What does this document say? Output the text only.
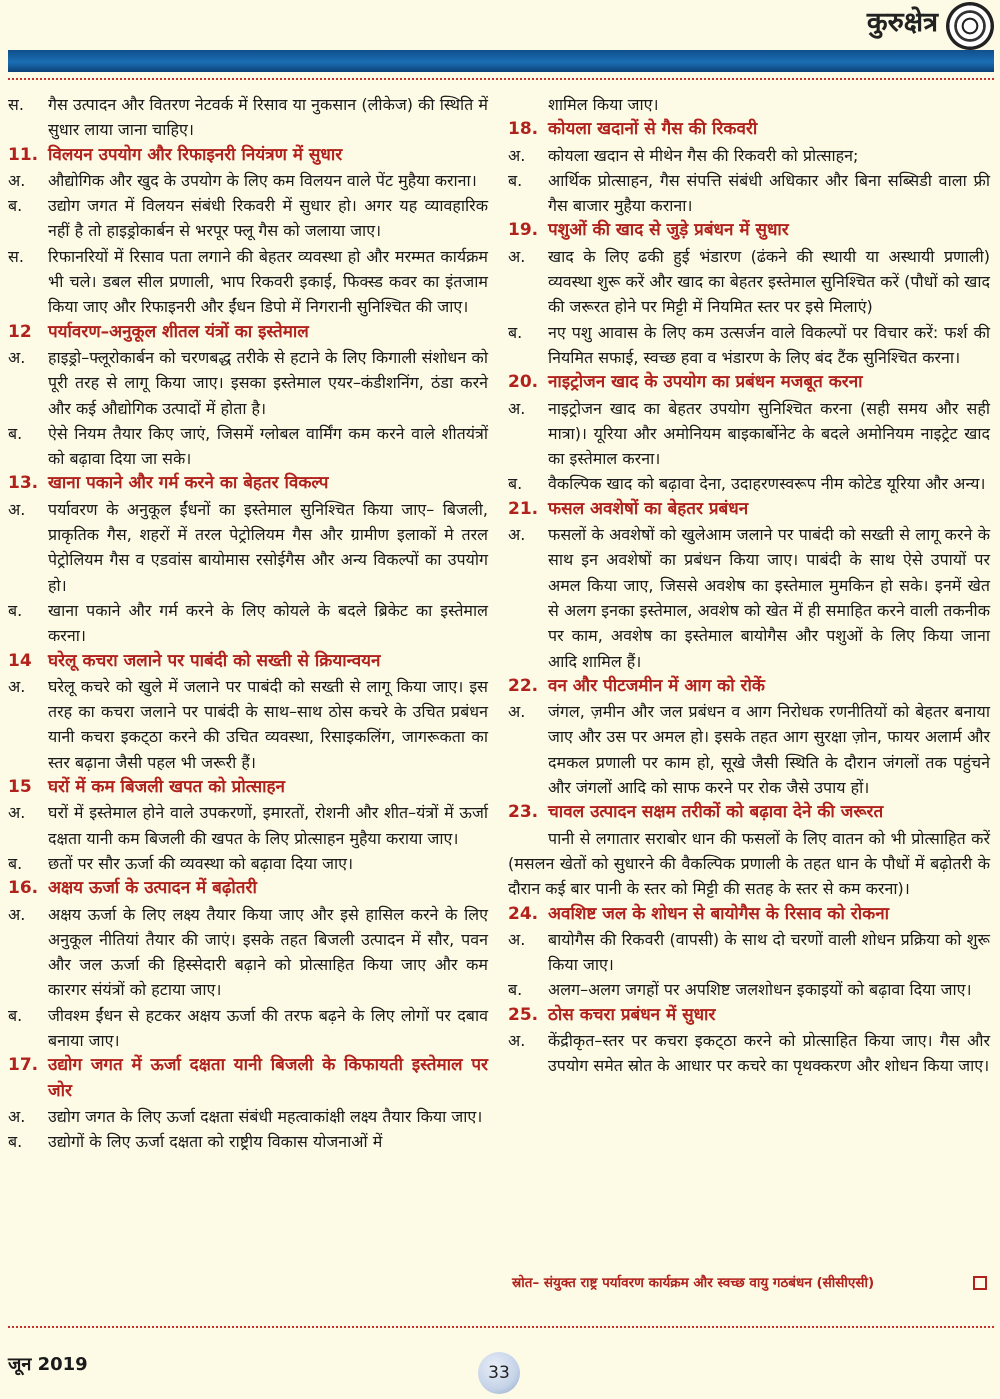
कुरुक्षेत्र
स.	गैस उत्पादन और वितरण नेटवर्क में रिसाव या नुकसान (लीकेज) की स्थिति में सुधार लाया जाना चाहिए।
11. विलयन उपयोग और रिफाइनरी नियंत्रण में सुधार
अ.	औद्योगिक और खुद के उपयोग के लिए कम विलयन वाले पेंट मुहैया कराना।
ब.	उद्योग जगत में विलयन संबंधी रिकवरी में सुधार हो। अगर यह व्यावहारिक नहीं है तो हाइड्रोकार्बन से भरपूर फ्लू गैस को जलाया जाए।
स.	रिफानरियों में रिसाव पता लगाने की बेहतर व्यवस्था हो और मरम्मत कार्यक्रम भी चले। डबल सील प्रणाली, भाप रिकवरी इकाई, फिक्स्ड कवर का इंतजाम किया जाए और रिफाइनरी और ईंधन डिपो में निगरानी सुनिश्चित की जाए।
12 पर्यावरण–अनुकूल शीतल यंत्रों का इस्तेमाल
अ.	हाइड्रो–फ्लूरोकार्बन को चरणबद्ध तरीके से हटाने के लिए किगाली संशोधन को पूरी तरह से लागू किया जाए। इसका इस्तेमाल एयर–कंडीशनिंग, ठंडा करने और कई औद्योगिक उत्पादों में होता है।
ब.	ऐसे नियम तैयार किए जाएं, जिसमें ग्लोबल वार्मिंग कम करने वाले शीतयंत्रों को बढ़ावा दिया जा सके।
13. खाना पकाने और गर्म करने का बेहतर विकल्प
अ.	पर्यावरण के अनुकूल ईंधनों का इस्तेमाल सुनिश्चित किया जाए– बिजली, प्राकृतिक गैस, शहरों में तरल पेट्रोलियम गैस और ग्रामीण इलाकों मे तरल पेट्रोलियम गैस व एडवांस बायोमास रसोईगैस और अन्य विकल्पों का उपयोग हो।
ब.	खाना पकाने और गर्म करने के लिए कोयले के बदले ब्रिकेट का इस्तेमाल करना।
14 घरेलू कचरा जलाने पर पाबंदी को सख्ती से क्रियान्वयन
अ.	घरेलू कचरे को खुले में जलाने पर पाबंदी को सख्ती से लागू किया जाए। इस तरह का कचरा जलाने पर पाबंदी के साथ–साथ ठोस कचरे के उचित प्रबंधन यानी कचरा इकट्‌ठा करने की उचित व्यवस्था, रिसाइकलिंग, जागरूकता का स्तर बढ़ाना जैसी पहल भी जरूरी हैं।
15 घरों में कम बिजली खपत को प्रोत्साहन
अ.	घरों में इस्तेमाल होने वाले उपकरणों, इमारतों, रोशनी और शीत–यंत्रों में ऊर्जा दक्षता यानी कम बिजली की खपत के लिए प्रोत्साहन मुहैया कराया जाए।
ब.	छतों पर सौर ऊर्जा की व्यवस्था को बढ़ावा दिया जाए।
16. अक्षय ऊर्जा के उत्पादन में बढ़ोतरी
अ.	अक्षय ऊर्जा के लिए लक्ष्य तैयार किया जाए और इसे हासिल करने के लिए अनुकूल नीतियां तैयार की जाएं। इसके तहत बिजली उत्पादन में सौर, पवन और जल ऊर्जा की हिस्सेदारी बढ़ाने को प्रोत्साहित किया जाए और कम कारगर संयंत्रों को हटाया जाए।
ब.	जीवश्म ईंधन से हटकर अक्षय ऊर्जा की तरफ बढ़ने के लिए लोगों पर दबाव बनाया जाए।
17. उद्योग जगत में ऊर्जा दक्षता यानी बिजली के किफायती इस्तेमाल पर जोर
अ.	उद्योग जगत के लिए ऊर्जा दक्षता संबंधी महत्वाकांक्षी लक्ष्य तैयार किया जाए।
ब.	उद्योगों के लिए ऊर्जा दक्षता को राष्ट्रीय विकास योजनाओं में
शामिल किया जाए।
18. कोयला खदानों से गैस की रिकवरी
अ.	कोयला खदान से मीथेन गैस की रिकवरी को प्रोत्साहन;
ब.	आर्थिक प्रोत्साहन, गैस संपत्ति संबंधी अधिकार और बिना सब्सिडी वाला फ्री गैस बाजार मुहैया कराना।
19. पशुओं की खाद से जुड़े प्रबंधन में सुधार
अ.	खाद के लिए ढकी हुई भंडारण (ढंकने की स्थायी या अस्थायी प्रणाली) व्यवस्था शुरू करें और खाद का बेहतर इस्तेमाल सुनिश्चित करें (पौधों को खाद की जरूरत होने पर मिट्टी में नियमित स्तर पर इसे मिलाएं)
ब.	नए पशु आवास के लिए कम उत्सर्जन वाले विकल्पों पर विचार करें: फर्श की नियमित सफाई, स्वच्छ हवा व भंडारण के लिए बंद टैंक सुनिश्चित करना।
20. नाइट्रोजन खाद के उपयोग का प्रबंधन मजबूत करना
अ.	नाइट्रोजन खाद का बेहतर उपयोग सुनिश्चित करना (सही समय और सही मात्रा)। यूरिया और अमोनियम बाइकार्बोनेट के बदले अमोनियम नाइट्रेट खाद का इस्तेमाल करना।
ब.	वैकल्पिक खाद को बढ़ावा देना, उदाहरणस्वरूप नीम कोटेड यूरिया और अन्य।
21. फसल अवशेषों का बेहतर प्रबंधन
अ.	फसलों के अवशेषों को खुलेआम जलाने पर पाबंदी को सख्ती से लागू करने के साथ इन अवशेषों का प्रबंधन किया जाए। पाबंदी के साथ ऐसे उपायों पर अमल किया जाए, जिससे अवशेष का इस्तेमाल मुमकिन हो सके। इनमें खेत से अलग इनका इस्तेमाल, अवशेष को खेत में ही समाहित करने वाली तकनीक पर काम, अवशेष का इस्तेमाल बायोगैस और पशुओं के लिए किया जाना आदि शामिल हैं।
22. वन और पीटजमीन में आग को रोकें
अ.	जंगल, ज़मीन और जल प्रबंधन व आग निरोधक रणनीतियों को बेहतर बनाया जाए और उस पर अमल हो। इसके तहत आग सुरक्षा ज़ोन, फायर अलार्म और दमकल प्रणाली पर काम हो, सूखे जैसी स्थिति के दौरान जंगलों तक पहुंचने और जंगलों आदि को साफ करने पर रोक जैसे उपाय हों।
23. चावल उत्पादन सक्षम तरीकों को बढ़ावा देने की जरूरत
पानी से लगातार सराबोर धान की फसलों के लिए वातन को भी प्रोत्साहित करें (मसलन खेतों को सुधारने की वैकल्पिक प्रणाली के तहत धान के पौधों में बढ़ोतरी के दौरान कई बार पानी के स्तर को मिट्टी की सतह के स्तर से कम करना)।
24. अवशिष्ट जल के शोधन से बायोगैस के रिसाव को रोकना
अ.	बायोगैस की रिकवरी (वापसी) के साथ दो चरणों वाली शोधन प्रक्रिया को शुरू किया जाए।
ब.	अलग–अलग जगहों पर अपशिष्ट जलशोधन इकाइयों को बढ़ावा दिया जाए।
25. ठोस कचरा प्रबंधन में सुधार
अ.	केंद्रीकृत–स्तर पर कचरा इकट्‌ठा करने को प्रोत्साहित किया जाए। गैस और उपयोग समेत स्रोत के आधार पर कचरे का पृथक्करण और शोधन किया जाए।
स्रोत– संयुक्त राष्ट्र पर्यावरण कार्यक्रम और स्वच्छ वायु गठबंधन (सीसीएसी)
जून 2019	33
